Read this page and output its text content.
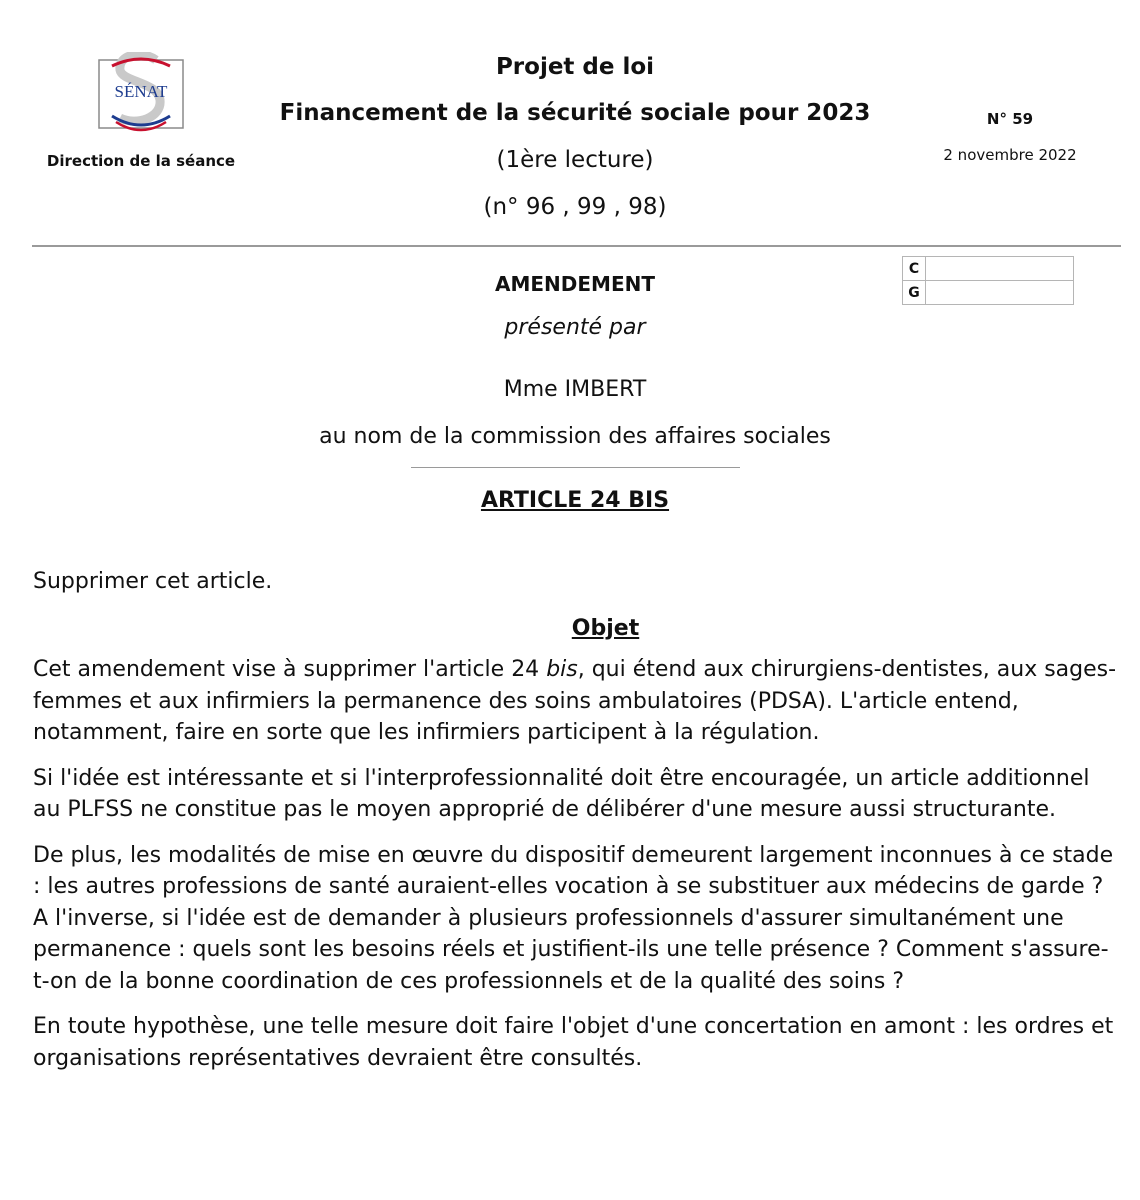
SÉNAT
Direction de la séance
Projet de loi
Financement de la sécurité sociale pour 2023
(1ère lecture)
(n° 96 , 99 , 98)
N° 59
2 novembre 2022
C	
G	
AMENDEMENT
présenté par
Mme IMBERT
au nom de la commission des affaires sociales
ARTICLE 24 BIS

Supprimer cet article.

Objet

Cet amendement vise à supprimer l'article 24 bis, qui étend aux chirurgiens-dentistes, aux sages-femmes et aux infirmiers la permanence des soins ambulatoires (PDSA). L'article entend, notamment, faire en sorte que les infirmiers participent à la régulation.

Si l'idée est intéressante et si l'interprofessionnalité doit être encouragée, un article additionnel au PLFSS ne constitue pas le moyen approprié de délibérer d'une mesure aussi structurante.

De plus, les modalités de mise en œuvre du dispositif demeurent largement inconnues à ce stade : les autres professions de santé auraient-elles vocation à se substituer aux médecins de garde ? A l'inverse, si l'idée est de demander à plusieurs professionnels d'assurer simultanément une permanence : quels sont les besoins réels et justifient-ils une telle présence ? Comment s'assure-t-on de la bonne coordination de ces professionnels et de la qualité des soins ?

En toute hypothèse, une telle mesure doit faire l'objet d'une concertation en amont : les ordres et organisations représentatives devraient être consultés.
